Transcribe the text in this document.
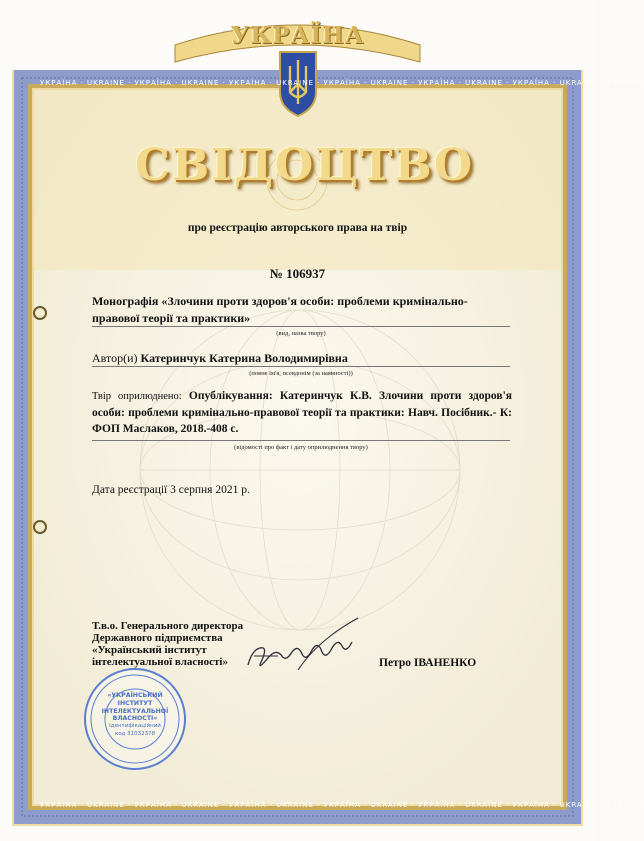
УКРАЇНА · UKRAINE · УКРАЇНА · UKRAINE · УКРАЇНА · UKRAINE · УКРАЇНА · UKRAINE · УКРАЇНА · UKRAINE · УКРАЇНА · UKRAINE · УКРАЇНА
УКРАЇНА · UKRAINE · УКРАЇНА · UKRAINE · УКРАЇНА · UKRAINE · УКРАЇНА · UKRAINE · УКРАЇНА · UKRAINE · УКРАЇНА · UKRAINE · УКРАЇНА
УКРАЇНА
СВІДОЦТВО
про реєстрацію авторського права на твір
№ 106937
Монографія «Злочини проти здоров'я особи: проблеми кримінально-правової теорії та практики»
(вид, назва твору)
Автор(и) Катеринчук Катерина Володимирівна
(повне ім'я, псевдонім (за наявності))
Твір оприлюднено: Опублікування: Катеринчук К.В. Злочини проти здоров'я особи: проблеми кримінально-правової теорії та практики: Навч. Посібник.- К: ФОП Маслаков, 2018.-408 с.
(відомості про факт і дату оприлюднення твору)
Дата реєстрації 3 серпня 2021 р.
Т.в.о. Генерального директора
Державного підприємства
«Український інститут
інтелектуальної власності»	Петро ІВАНЕНКО
«УКРАЇНСЬКИЙ
ІНСТИТУТ
ІНТЕЛЕКТУАЛЬНОЇ
ВЛАСНОСТІ»
Ідентифікаційний
код 31032378
